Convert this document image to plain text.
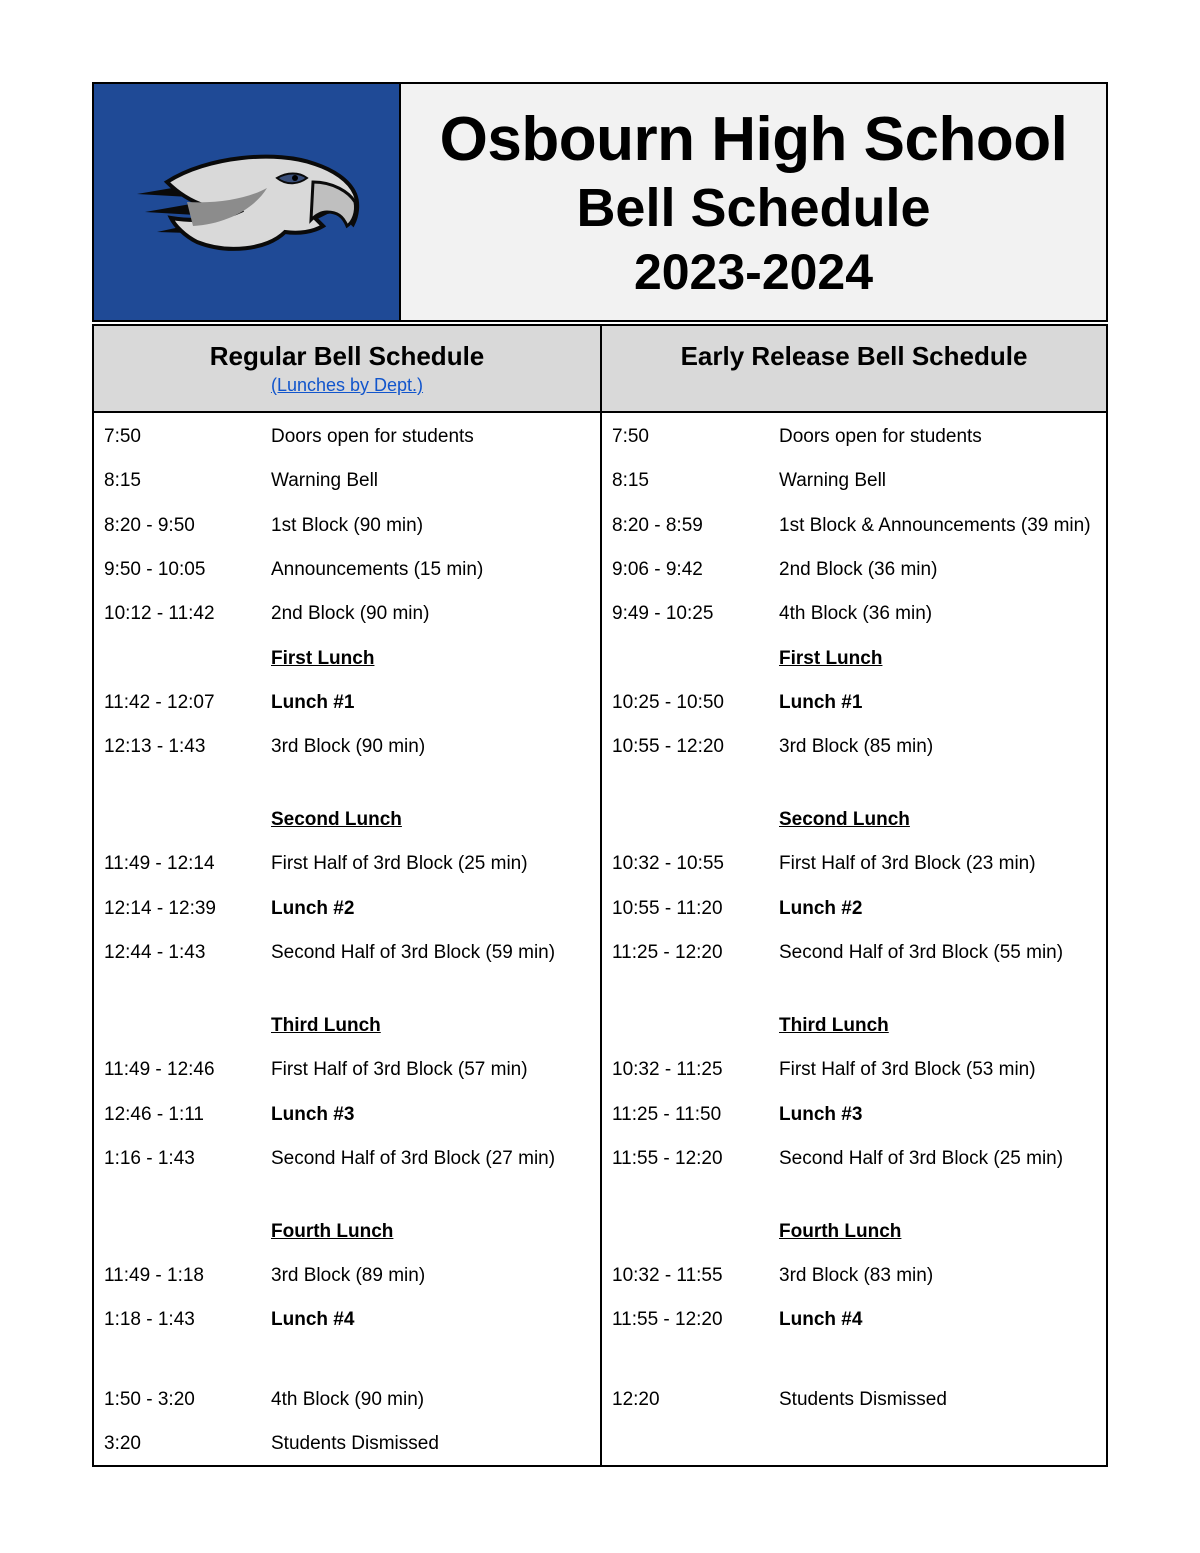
Osbourn High School
Bell Schedule
2023-2024
Regular Bell Schedule
(Lunches by Dept.)
7:50	Doors open for students
8:15	Warning Bell
8:20 - 9:50	1st Block (90 min)
9:50 - 10:05	Announcements (15 min)
10:12 - 11:42	2nd Block (90 min)
First Lunch
11:42 - 12:07	Lunch #1
12:13 - 1:43	3rd Block (90 min)
Second Lunch
11:49 - 12:14	First Half of 3rd Block (25 min)
12:14 - 12:39	Lunch #2
12:44 - 1:43	Second Half of 3rd Block (59 min)
Third Lunch
11:49 - 12:46	First Half of 3rd Block (57 min)
12:46 - 1:11	Lunch #3
1:16 - 1:43	Second Half of 3rd Block (27 min)
Fourth Lunch
11:49 - 1:18	3rd Block (89 min)
1:18 - 1:43	Lunch #4
1:50 - 3:20	4th Block (90 min)
3:20	Students Dismissed
Early Release Bell Schedule
7:50	Doors open for students
8:15	Warning Bell
8:20 - 8:59	1st Block & Announcements (39 min)
9:06 - 9:42	2nd Block (36 min)
9:49 - 10:25	4th Block (36 min)
First Lunch
10:25 - 10:50	Lunch #1
10:55 - 12:20	3rd Block (85 min)
Second Lunch
10:32 - 10:55	First Half of 3rd Block (23 min)
10:55 - 11:20	Lunch #2
11:25 - 12:20	Second Half of 3rd Block (55 min)
Third Lunch
10:32 - 11:25	First Half of 3rd Block (53 min)
11:25 - 11:50	Lunch #3
11:55 - 12:20	Second Half of 3rd Block (25 min)
Fourth Lunch
10:32 - 11:55	3rd Block (83 min)
11:55 - 12:20	Lunch #4
12:20	Students Dismissed
